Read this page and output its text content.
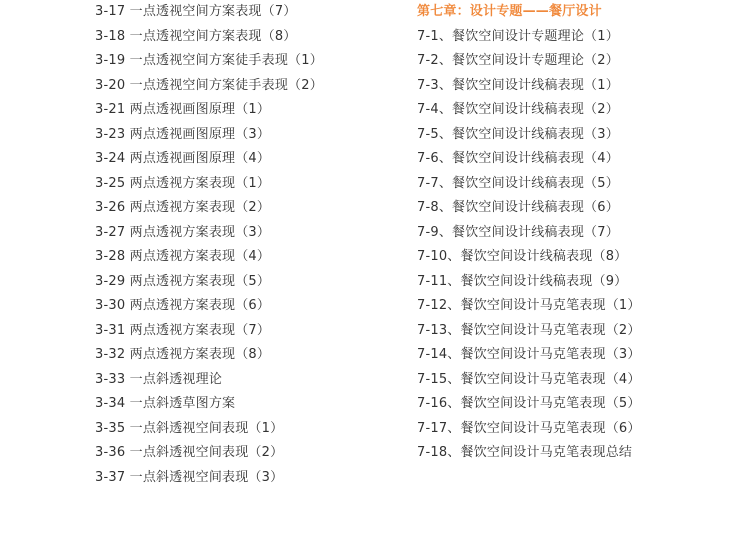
3-17 一点透视空间方案表现（7）
3-18 一点透视空间方案表现（8）
3-19 一点透视空间方案徒手表现（1）
3-20 一点透视空间方案徒手表现（2）
3-21 两点透视画图原理（1）
3-23 两点透视画图原理（3）
3-24 两点透视画图原理（4）
3-25 两点透视方案表现（1）
3-26 两点透视方案表现（2）
3-27 两点透视方案表现（3）
3-28 两点透视方案表现（4）
3-29 两点透视方案表现（5）
3-30 两点透视方案表现（6）
3-31 两点透视方案表现（7）
3-32 两点透视方案表现（8）
3-33 一点斜透视理论
3-34 一点斜透草图方案
3-35 一点斜透视空间表现（1）
3-36 一点斜透视空间表现（2）
3-37 一点斜透视空间表现（3）
第七章：设计专题——餐厅设计
7-1、餐饮空间设计专题理论（1）
7-2、餐饮空间设计专题理论（2）
7-3、餐饮空间设计线稿表现（1）
7-4、餐饮空间设计线稿表现（2）
7-5、餐饮空间设计线稿表现（3）
7-6、餐饮空间设计线稿表现（4）
7-7、餐饮空间设计线稿表现（5）
7-8、餐饮空间设计线稿表现（6）
7-9、餐饮空间设计线稿表现（7）
7-10、餐饮空间设计线稿表现（8）
7-11、餐饮空间设计线稿表现（9）
7-12、餐饮空间设计马克笔表现（1）
7-13、餐饮空间设计马克笔表现（2）
7-14、餐饮空间设计马克笔表现（3）
7-15、餐饮空间设计马克笔表现（4）
7-16、餐饮空间设计马克笔表现（5）
7-17、餐饮空间设计马克笔表现（6）
7-18、餐饮空间设计马克笔表现总结
